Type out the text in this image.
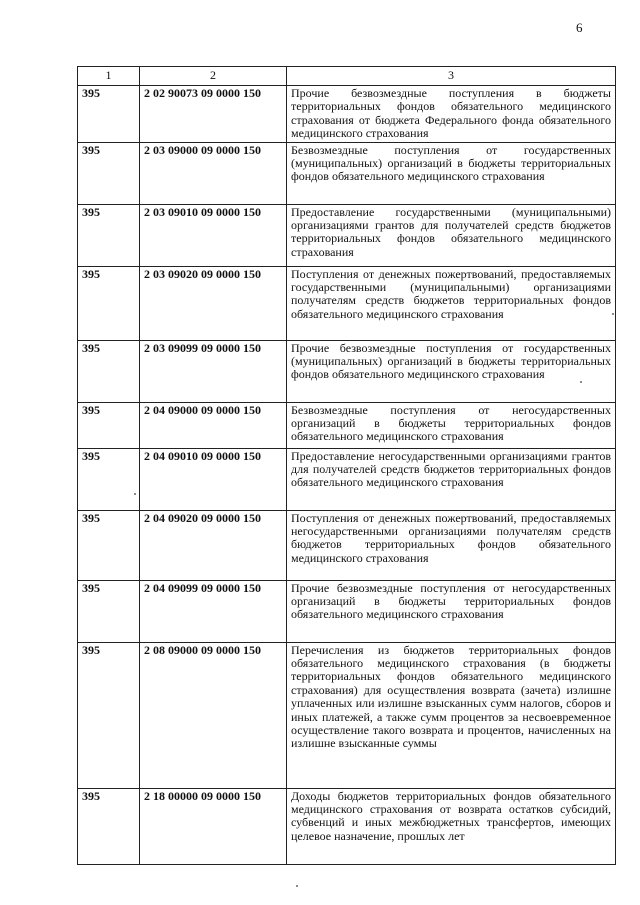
6
1	2	3
395	2 02 90073 09 0000 150	Прочие безвозмездные поступления в бюджеты территориальных фондов обязательного медицинского страхования от бюджета Федерального фонда обязательного медицинского страхования
395	2 03 09000 09 0000 150	Безвозмездные поступления от государственных (муниципальных) организаций в бюджеты территориальных фондов обязательного медицинского страхования
395	2 03 09010 09 0000 150	Предоставление государственными (муниципальными) организациями грантов для получателей средств бюджетов территориальных фондов обязательного медицинского страхования
395	2 03 09020 09 0000 150	Поступления от денежных пожертвований, предоставляемых государственными (муниципальными) организациями получателям средств бюджетов территориальных фондов обязательного медицинского страхования
395	2 03 09099 09 0000 150	Прочие безвозмездные поступления от государственных (муниципальных) организаций в бюджеты территориальных фондов обязательного медицинского страхования
395	2 04 09000 09 0000 150	Безвозмездные поступления от негосударственных организаций в бюджеты территориальных фондов обязательного медицинского страхования
395	2 04 09010 09 0000 150	Предоставление негосударственными организациями грантов для получателей средств бюджетов территориальных фондов обязательного медицинского страхования
395	2 04 09020 09 0000 150	Поступления от денежных пожертвований, предоставляемых негосударственными организациями получателям средств бюджетов территориальных фондов обязательного медицинского страхования
395	2 04 09099 09 0000 150	Прочие безвозмездные поступления от негосударственных организаций в бюджеты территориальных фондов обязательного медицинского страхования
395	2 08 09000 09 0000 150	Перечисления из бюджетов территориальных фондов обязательного медицинского страхования (в бюджеты территориальных фондов обязательного медицинского страхования) для осуществления возврата (зачета) излишне уплаченных или излишне взысканных сумм налогов, сборов и иных платежей, а также сумм процентов за несвоевременное осуществление такого возврата и процентов, начисленных на излишне взысканные суммы
395	2 18 00000 09 0000 150	Доходы бюджетов территориальных фондов обязательного медицинского страхования от возврата остатков субсидий, субвенций и иных межбюджетных трансфертов, имеющих целевое назначение, прошлых лет
